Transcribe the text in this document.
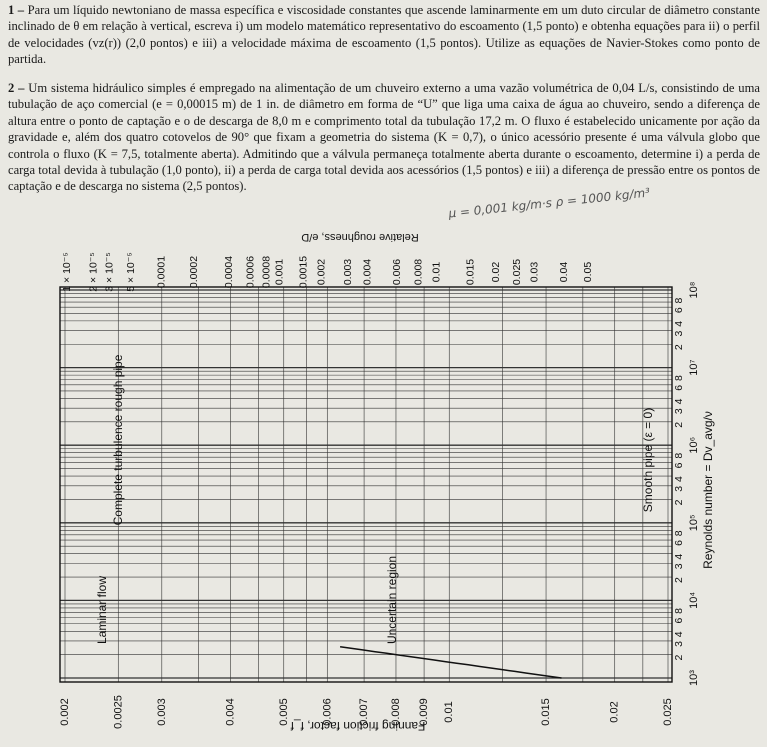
1 – Para um líquido newtoniano de massa específica e viscosidade constantes que ascende laminarmente em um duto circular de diâmetro constante inclinado de θ em relação à vertical, escreva i) um modelo matemático representativo do escoamento (1,5 ponto) e obtenha equações para ii) o perfil de velocidades (vz(r)) (2,0 pontos) e iii) a velocidade máxima de escoamento (1,5 pontos). Utilize as equações de Navier-Stokes como ponto de partida.

2 – Um sistema hidráulico simples é empregado na alimentação de um chuveiro externo a uma vazão volumétrica de 0,04 L/s, consistindo de uma tubulação de aço comercial (e = 0,00015 m) de 1 in. de diâmetro em forma de “U” que liga uma caixa de água ao chuveiro, sendo a diferença de altura entre o ponto de captação e o de descarga de 8,0 m e comprimento total da tubulação 17,2 m. O fluxo é estabelecido unicamente por ação da gravidade e, além dos quatro cotovelos de 90° que fixam a geometria do sistema (K = 0,7), o único acessório presente é uma válvula globo que controla o fluxo (K = 7,5, totalmente aberta). Admitindo que a válvula permaneça totalmente aberta durante o escoamento, determine i) a perda de carga total devida à tubulação (1,0 ponto), ii) a perda de carga total devida aos acessórios (1,5 pontos) e iii) a diferença de pressão entre os pontos de captação e de descarga no sistema (2,5 pontos).	μ = 0,001 kg/m·s ρ = 1000 kg/m³
0.025
0.02
0.015
0.01
0.009
0.008
0.007
0.006
0.005
0.004
0.003
0.0025
0.002
Fanning friction factor, f_f
0.05
0.04
0.03
0.025
0.02
0.015
0.01
0.008
0.006
0.004
0.003
0.002
0.0015
0.001
0.0008
0.0006
0.0004
0.0002
0.0001
5 × 10⁻⁵
3 × 10⁻⁵
2 × 10⁻⁵
1 × 10⁻⁵
Relative roughness, e/D
10³
2
3
4
6
8
10⁴
2
3
4
6
8
10⁵
2
3
4
6
8
10⁶
2
3
4
6
8
10⁷
2
3
4
6
8
10⁸
Reynolds number = Dv_avg/ν
Laminar flow
Complete turbulence rough pipe
Uncertain region
Smooth pipe (ε = 0)
